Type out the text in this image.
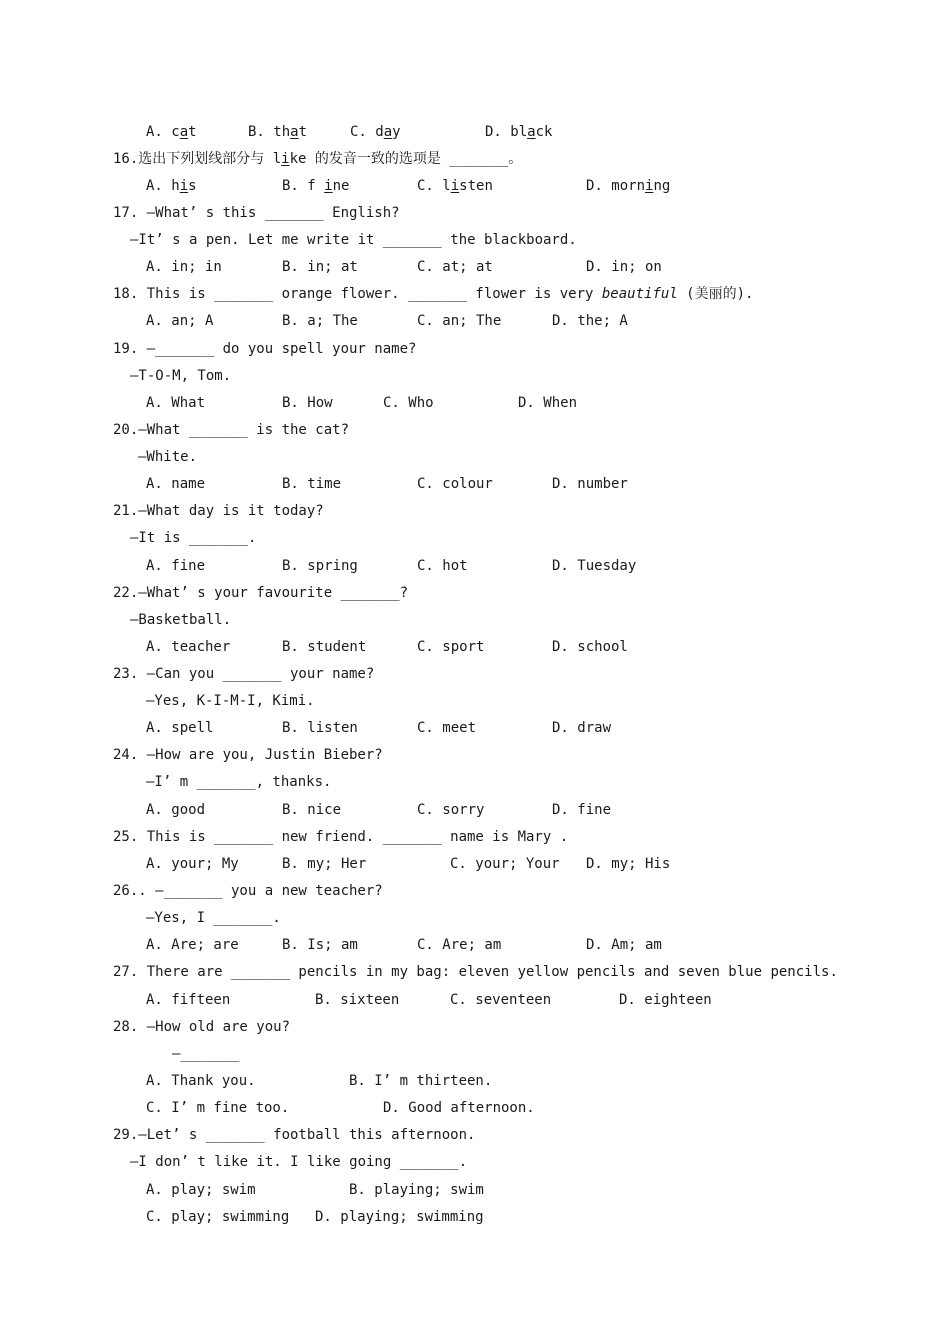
A. cat	B. that	C. day	D. black
16.选出下列划线部分与 like 的发音一致的选项是 _______。
A. his	B. f ine	C. listen	D. morning
17. —What’ s this _______ English?
—It’ s a pen. Let me write it _______ the blackboard.
A. in; in	B. in; at	C. at; at	D. in; on
18. This is _______ orange flower. _______ flower is very beautiful (美丽的).
A. an; A	B. a; The	C. an; The	D. the; A
19. —_______ do you spell your name?
—T-O-M, Tom.
A. What	B. How	C. Who	D. When
20.—What _______ is the cat?
—White.
A. name	B. time	C. colour	D. number
21.—What day is it today?
—It is _______.
A. fine	B. spring	C. hot	D. Tuesday
22.—What’ s your favourite _______?
—Basketball.
A. teacher	B. student	C. sport	D. school
23. —Can you _______ your name?
—Yes, K-I-M-I, Kimi.
A. spell	B. listen	C. meet	D. draw
24. —How are you, Justin Bieber?
—I’ m _______, thanks.
A. good	B. nice	C. sorry	D. fine
25. This is _______ new friend. _______ name is Mary .
A. your; My	B. my; Her	C. your; Your D. my; His
26.. —_______ you a new teacher?
—Yes, I _______.
A. Are; are	B. Is; am	C. Are; am	D. Am; am
27. There are _______ pencils in my bag: eleven yellow pencils and seven blue pencils.
A. fifteen	B. sixteen	C. seventeen	D. eighteen
28. —How old are you?
—_______
A. Thank you.	B. I’ m thirteen.
C. I’ m fine too.	D. Good afternoon.
29.—Let’ s _______ football this afternoon.
—I don’ t like it. I like going _______.
A. play; swim	B. playing; swim
C. play; swimming D. playing; swimming
